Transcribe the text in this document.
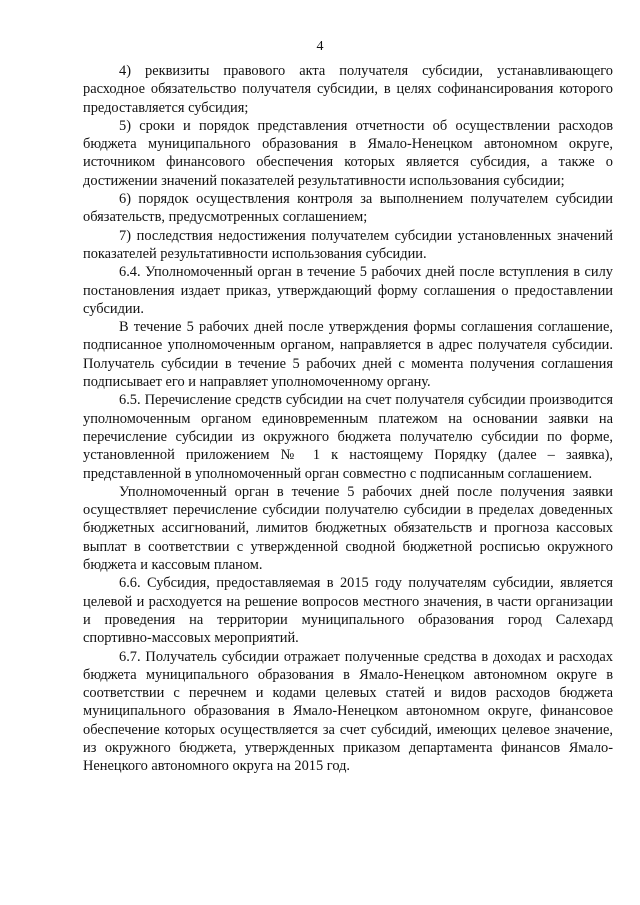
4

4) реквизиты правового акта получателя субсидии, устанавливающего расходное обязательство получателя субсидии, в целях софинансирования которого предоставляется субсидия;

5) сроки и порядок представления отчетности об осуществлении расходов бюджета муниципального образования в Ямало-Ненецком автономном округе, источником финансового обеспечения которых является субсидия, а также о достижении значений показателей результативности использования субсидии;

6) порядок осуществления контроля за выполнением получателем субсидии обязательств, предусмотренных соглашением;

7) последствия недостижения получателем субсидии установленных значений показателей результативности использования субсидии.

6.4. Уполномоченный орган в течение 5 рабочих дней после вступления в силу постановления издает приказ, утверждающий форму соглашения о предоставлении субсидии.

В течение 5 рабочих дней после утверждения формы соглашения соглашение, подписанное уполномоченным органом, направляется в адрес получателя субсидии. Получатель субсидии в течение 5 рабочих дней с момента получения соглашения подписывает его и направляет уполномоченному органу.

6.5. Перечисление средств субсидии на счет получателя субсидии производится уполномоченным органом единовременным платежом на основании заявки на перечисление субсидии из окружного бюджета получателю субсидии по форме, установленной приложением № 1 к настоящему Порядку (далее – заявка), представленной в уполномоченный орган совместно с подписанным соглашением.

Уполномоченный орган в течение 5 рабочих дней после получения заявки осуществляет перечисление субсидии получателю субсидии в пределах доведенных бюджетных ассигнований, лимитов бюджетных обязательств и прогноза кассовых выплат в соответствии с утвержденной сводной бюджетной росписью окружного бюджета и кассовым планом.

6.6. Субсидия, предоставляемая в 2015 году получателям субсидии, является целевой и расходуется на решение вопросов местного значения, в части организации и проведения на территории муниципального образования город Салехард спортивно-массовых мероприятий.

6.7. Получатель субсидии отражает полученные средства в доходах и расходах бюджета муниципального образования в Ямало-Ненецком автономном округе в соответствии с перечнем и кодами целевых статей и видов расходов бюджета муниципального образования в Ямало-Ненецком автономном округе, финансовое обеспечение которых осуществляется за счет субсидий, имеющих целевое значение, из окружного бюджета, утвержденных приказом департамента финансов Ямало-Ненецкого автономного округа на 2015 год.
